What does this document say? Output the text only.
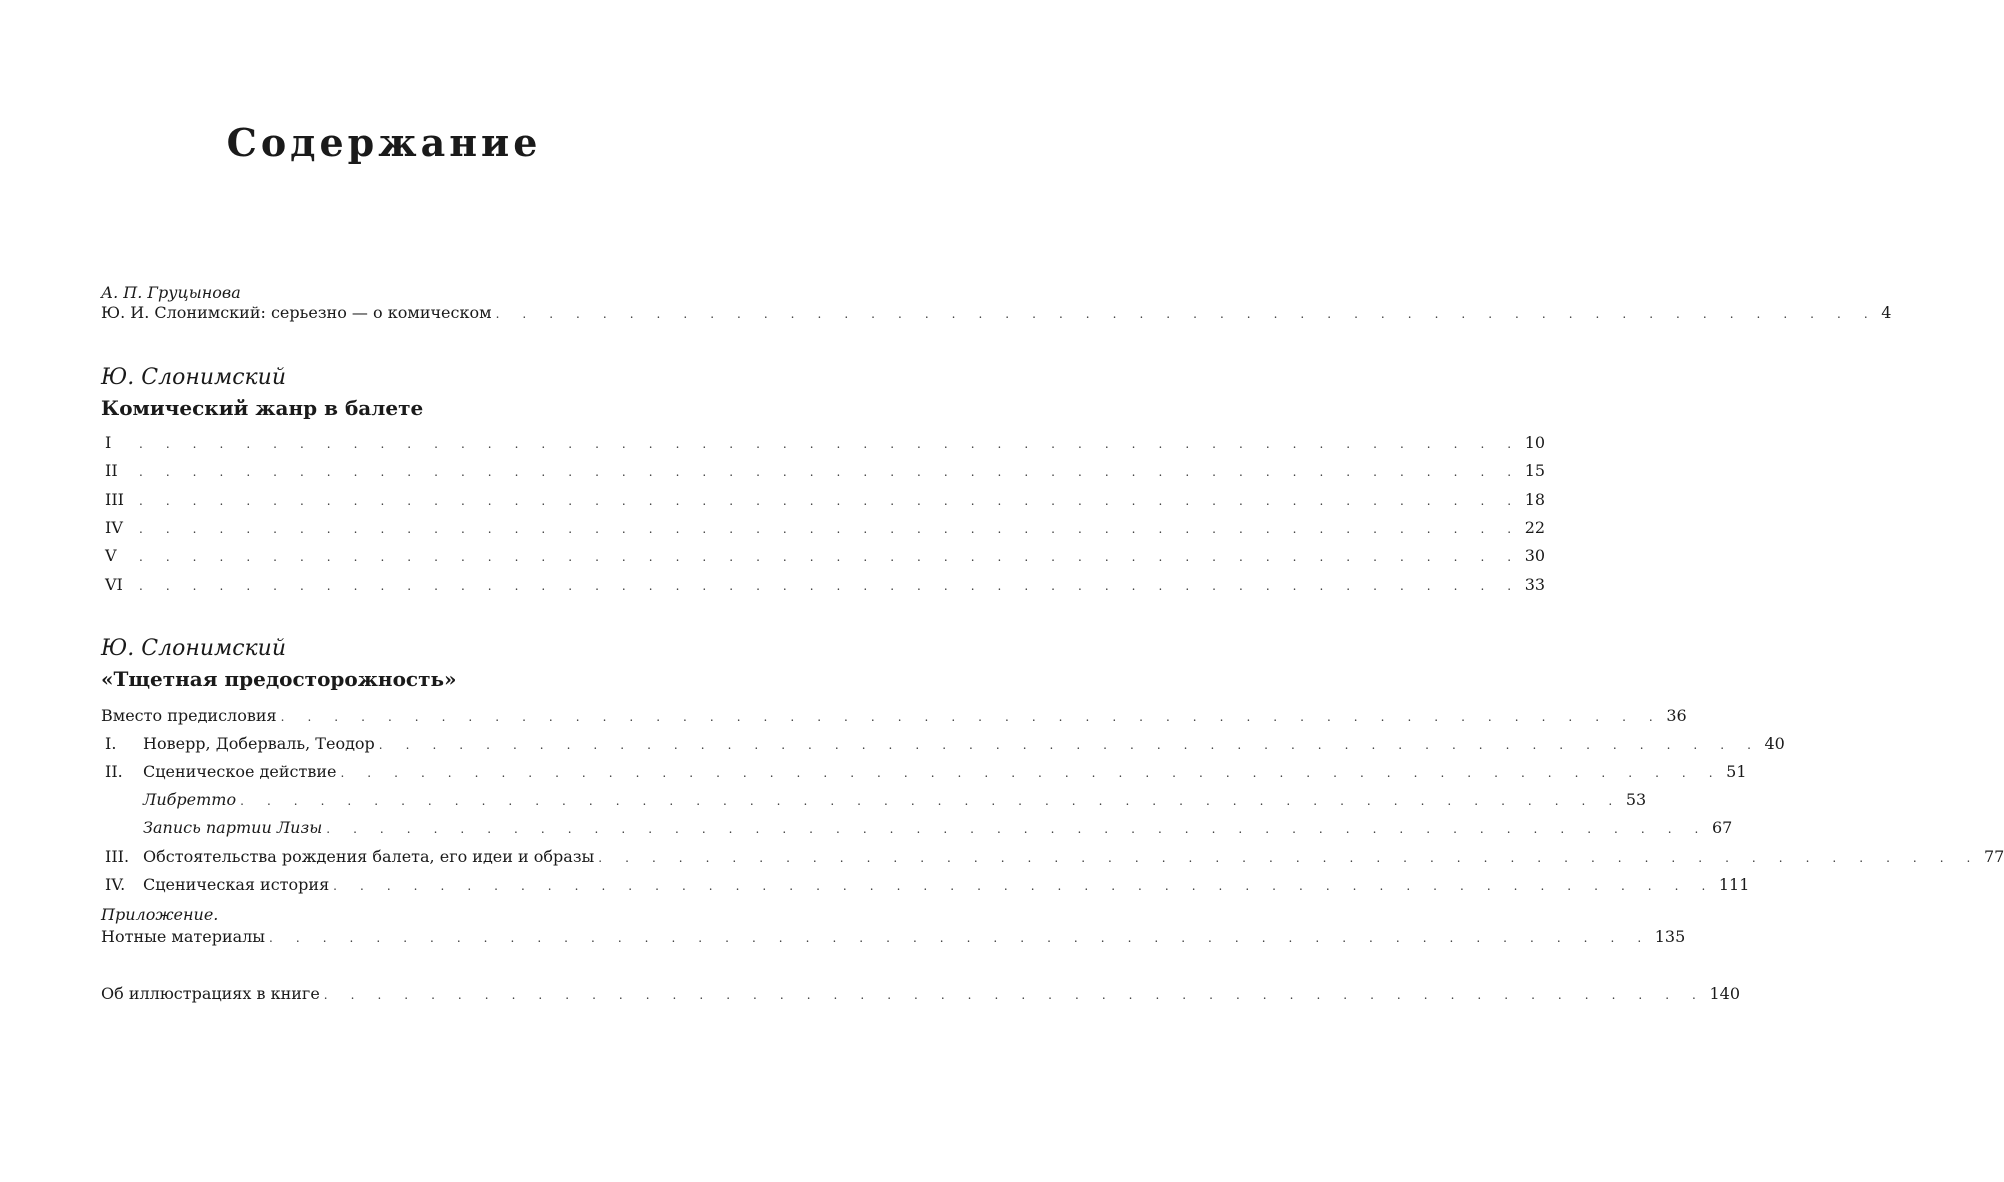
Содержание
А. П. Груцынова
Ю. И. Слонимский: серьезно — о комическом . . . . . . . . . . . . . . . . . . . . . . . . . . . . . . . . . . . . . . . . . . . . . . . . . . . . 4
Ю. Слонимский
Комический жанр в балете
I	. . . . . . . . . . . . . . . . . . . . . . . . . . . . . . . . . . . . . . . . . . . . . . . . . . . . 10
II	. . . . . . . . . . . . . . . . . . . . . . . . . . . . . . . . . . . . . . . . . . . . . . . . . . . . 15
III	. . . . . . . . . . . . . . . . . . . . . . . . . . . . . . . . . . . . . . . . . . . . . . . . . . . . 18
IV	. . . . . . . . . . . . . . . . . . . . . . . . . . . . . . . . . . . . . . . . . . . . . . . . . . . . 22
V	. . . . . . . . . . . . . . . . . . . . . . . . . . . . . . . . . . . . . . . . . . . . . . . . . . . . 30
VI	. . . . . . . . . . . . . . . . . . . . . . . . . . . . . . . . . . . . . . . . . . . . . . . . . . . . 33
Ю. Слонимский
«Тщетная предосторожность»
Вместо предисловия . . . . . . . . . . . . . . . . . . . . . . . . . . . . . . . . . . . . . . . . . . . . . . . . . . . . 36
I.	Новерр, Доберваль, Теодор . . . . . . . . . . . . . . . . . . . . . . . . . . . . . . . . . . . . . . . . . . . . . . . . . . . . 40
II.	Сценическое действие . . . . . . . . . . . . . . . . . . . . . . . . . . . . . . . . . . . . . . . . . . . . . . . . . . . . 51
Либретто . . . . . . . . . . . . . . . . . . . . . . . . . . . . . . . . . . . . . . . . . . . . . . . . . . . . 53
Запись партии Лизы . . . . . . . . . . . . . . . . . . . . . . . . . . . . . . . . . . . . . . . . . . . . . . . . . . . . 67
III. Обстоятельства рождения балета, его идеи и образы . . . . . . . . . . . . . . . . . . . . . . . . . . . . . . . . . . . . . . . . . . . . . . . . . . . . 77
IV.	Сценическая история . . . . . . . . . . . . . . . . . . . . . . . . . . . . . . . . . . . . . . . . . . . . . . . . . . . . 111
Приложение.
Нотные материалы . . . . . . . . . . . . . . . . . . . . . . . . . . . . . . . . . . . . . . . . . . . . . . . . . . . . 135
Об иллюстрациях в книге . . . . . . . . . . . . . . . . . . . . . . . . . . . . . . . . . . . . . . . . . . . . . . . . . . . . 140
